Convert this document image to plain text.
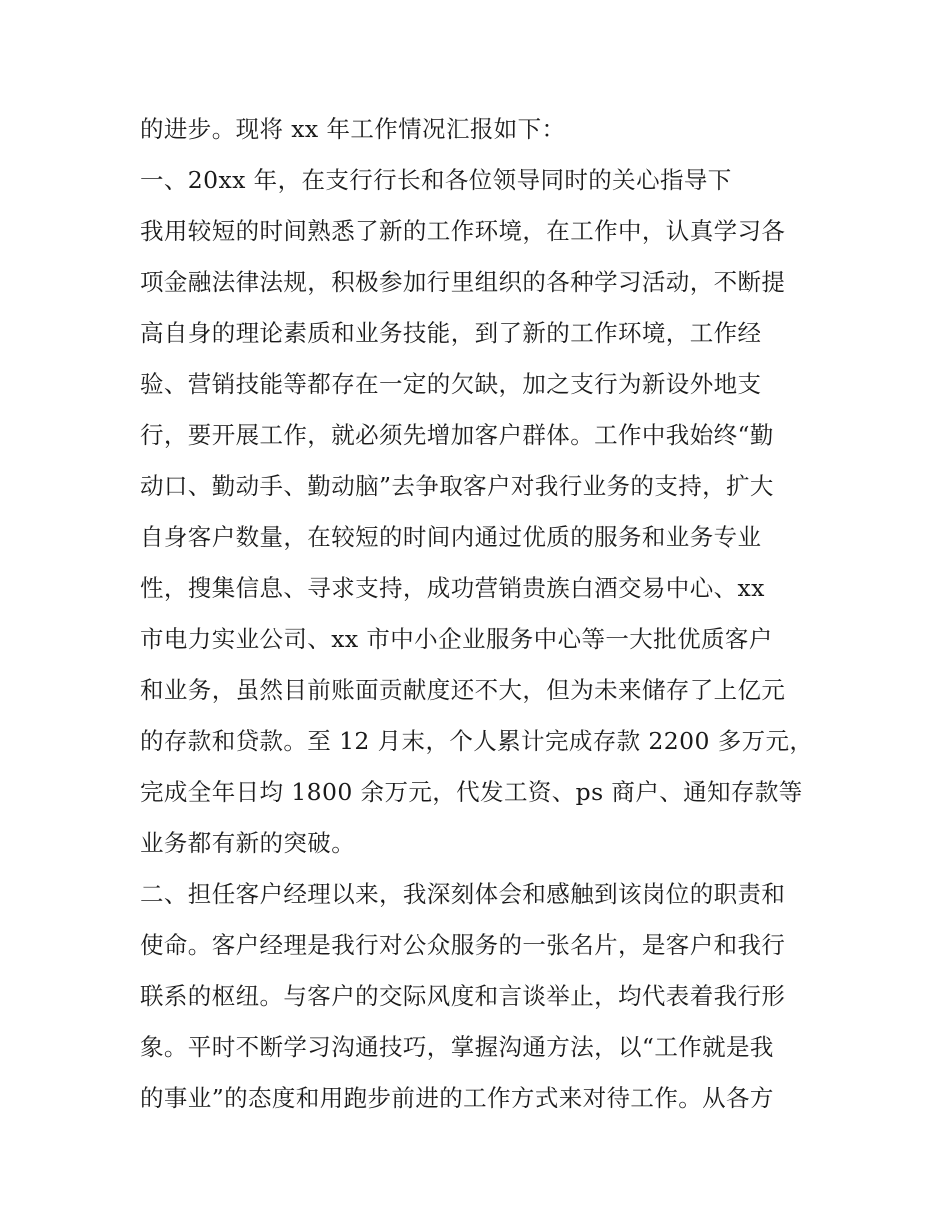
的进步。现将 xx 年工作情况汇报如下：
一、20xx 年，在支行行长和各位领导同时的关心指导下
我用较短的时间熟悉了新的工作环境，在工作中，认真学习各
项金融法律法规，积极参加行里组织的各种学习活动，不断提
高自身的理论素质和业务技能，到了新的工作环境，工作经
验、营销技能等都存在一定的欠缺，加之支行为新设外地支
行，要开展工作，就必须先增加客户群体。工作中我始终“勤
动口、勤动手、勤动脑”去争取客户对我行业务的支持，扩大
自身客户数量，在较短的时间内通过优质的服务和业务专业
性，搜集信息、寻求支持，成功营销贵族白酒交易中心、xx
市电力实业公司、xx 市中小企业服务中心等一大批优质客户
和业务，虽然目前账面贡献度还不大，但为未来储存了上亿元
的存款和贷款。至 12 月末，个人累计完成存款 2200 多万元，
完成全年日均 1800 余万元，代发工资、ps 商户、通知存款等
业务都有新的突破。
二、担任客户经理以来，我深刻体会和感触到该岗位的职责和
使命。客户经理是我行对公众服务的一张名片，是客户和我行
联系的枢纽。与客户的交际风度和言谈举止，均代表着我行形
象。平时不断学习沟通技巧，掌握沟通方法，以“工作就是我
的事业”的态度和用跑步前进的工作方式来对待工作。从各方
